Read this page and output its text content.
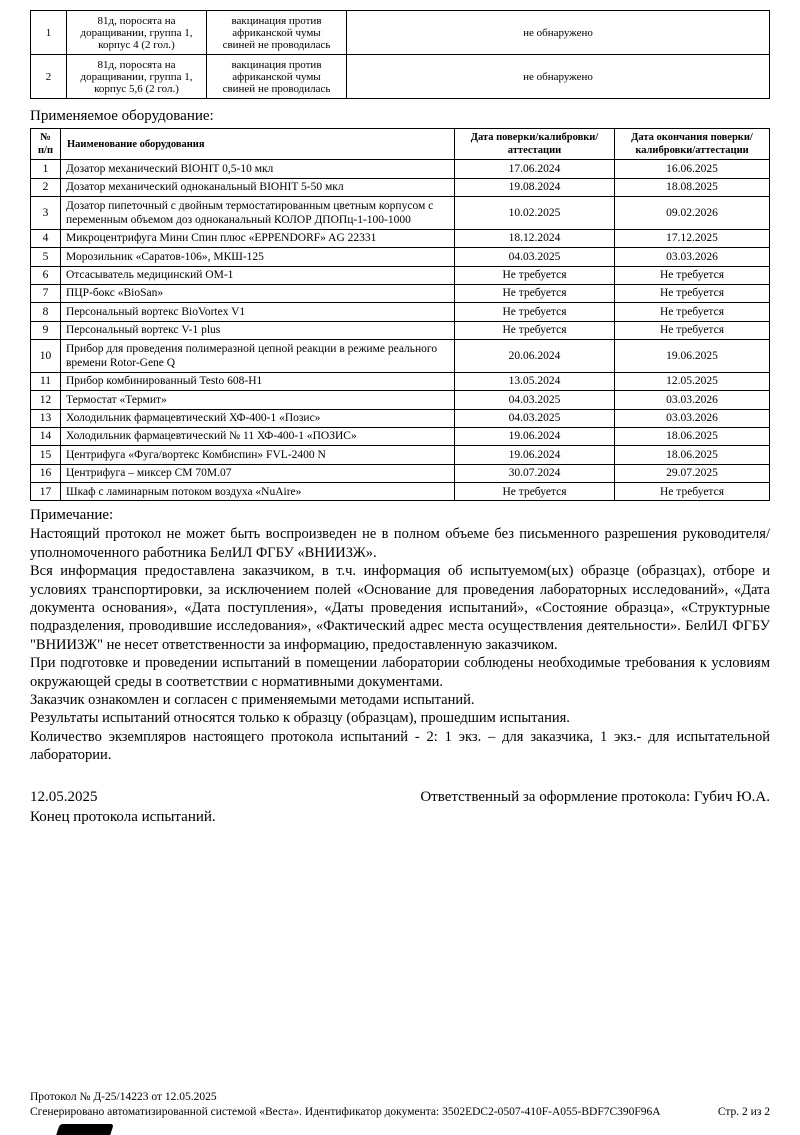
1	81д, поросята на доращивании, группа 1, корпус 4 (2 гол.)	вакцинация против африканской чумы свиней не проводилась	не обнаружено
2	81д, поросята на доращивании, группа 1, корпус 5,6 (2 гол.)	вакцинация против африканской чумы свиней не проводилась	не обнаружено
Применяемое оборудование:
№ п/п	Наименование оборудования	Дата поверки/калибровки/аттестации	Дата окончания поверки/калибровки/аттестации
1	Дозатор механический BIOHIT 0,5-10 мкл	17.06.2024	16.06.2025
2	Дозатор механический одноканальный BIOHIT 5-50 мкл	19.08.2024	18.08.2025
3	Дозатор пипеточный с двойным термостатированным цветным корпусом с переменным объемом доз одноканальный КОЛОР ДПОПц-1-100-1000	10.02.2025	09.02.2026
4	Микроцентрифуга Мини Спин плюс «EPPENDORF» AG 22331	18.12.2024	17.12.2025
5	Морозильник «Саратов-106», МКШ-125	04.03.2025	03.03.2026
6	Отсасыватель медицинский ОМ-1	Не требуется	Не требуется
7	ПЦР-бокс «BioSan»	Не требуется	Не требуется
8	Персональный вортекс BioVortex V1	Не требуется	Не требуется
9	Персональный вортекс V-1 plus	Не требуется	Не требуется
10	Прибор для проведения полимеразной цепной реакции в режиме реального времени Rotor-Gene Q	20.06.2024	19.06.2025
11	Прибор комбинированный Testo 608-H1	13.05.2024	12.05.2025
12	Термостат «Термит»	04.03.2025	03.03.2026
13	Холодильник фармацевтический ХФ-400-1 «Позис»	04.03.2025	03.03.2026
14	Холодильник фармацевтический № 11 ХФ-400-1 «ПОЗИС»	19.06.2024	18.06.2025
15	Центрифуга «Фуга/вортекс Комбиспин» FVL-2400 N	19.06.2024	18.06.2025
16	Центрифуга – миксер СМ 70М.07	30.07.2024	29.07.2025
17	Шкаф с ламинарным потоком воздуха «NuAire»	Не требуется	Не требуется
Примечание:

Настоящий протокол не может быть воспроизведен не в полном объеме без письменного разрешения руководителя/уполномоченного работника БелИЛ ФГБУ «ВНИИЗЖ».

Вся информация предоставлена заказчиком, в т.ч. информация об испытуемом(ых) образце (образцах), отборе и условиях транспортировки, за исключением полей «Основание для проведения лабораторных исследований», «Дата документа основания», «Дата поступления», «Даты проведения испытаний», «Состояние образца», «Структурные подразделения, проводившие исследования», «Фактический адрес места осуществления деятельности». БелИЛ ФГБУ "ВНИИЗЖ" не несет ответственности за информацию, предоставленную заказчиком.

При подготовке и проведении испытаний в помещении лаборатории соблюдены необходимые требования к условиям окружающей среды в соответствии с нормативными документами.

Заказчик ознакомлен и согласен с применяемыми методами испытаний.

Результаты испытаний относятся только к образцу (образцам), прошедшим испытания.

Количество экземпляров настоящего протокола испытаний - 2: 1 экз. – для заказчика, 1 экз.- для испытательной лаборатории.

12.05.2025	Ответственный за оформление протокола: Губич Ю.А.
Конец протокола испытаний.
Протокол № Д-25/14223 от 12.05.2025
Сгенерировано автоматизированной системой «Веста». Идентификатор документа: 3502EDC2-0507-410F-A055-BDF7C390F96A	Стр. 2 из 2
